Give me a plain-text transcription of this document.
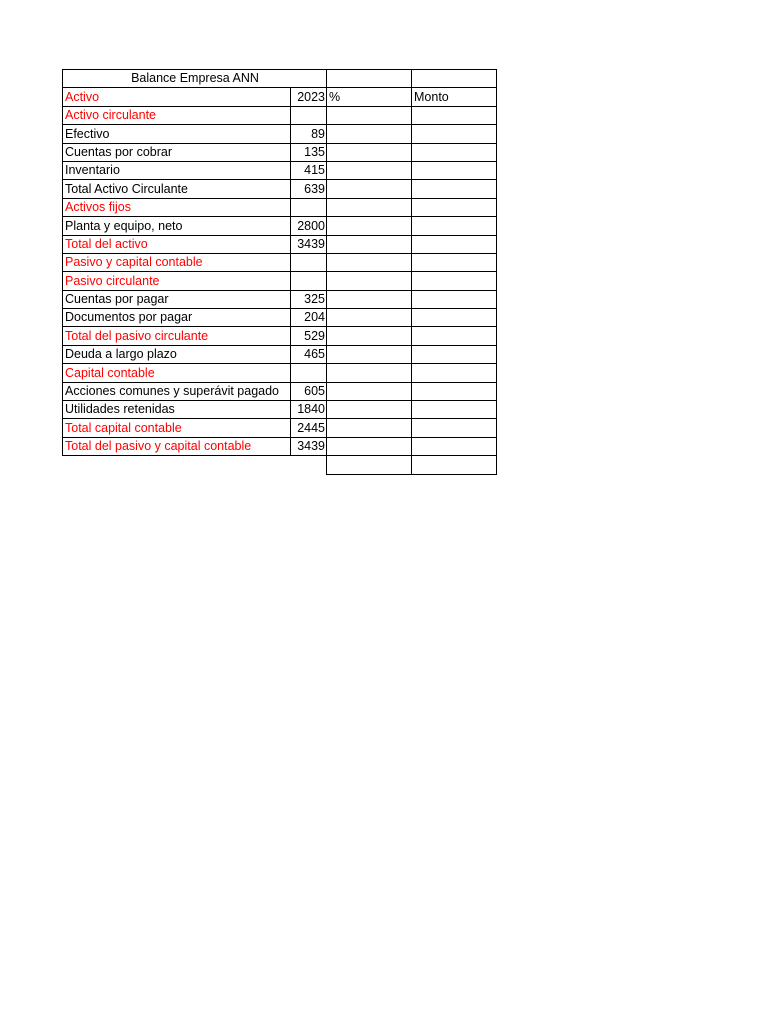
Balance Empresa ANN			
Activo	2023	%	Monto
Activo circulante			
Efectivo	89		
Cuentas por cobrar	135		
Inventario	415		
Total Activo Circulante	639		
Activos fijos			
Planta y equipo, neto	2800		
Total del activo	3439		
Pasivo y capital contable			
Pasivo circulante			
Cuentas por pagar	325		
Documentos por pagar	204		
Total del pasivo circulante	529		
Deuda a largo plazo	465		
Capital contable			
Acciones comunes y superávit pagado	605		
Utilidades retenidas	1840		
Total capital contable	2445		
Total del pasivo y capital contable	3439		
